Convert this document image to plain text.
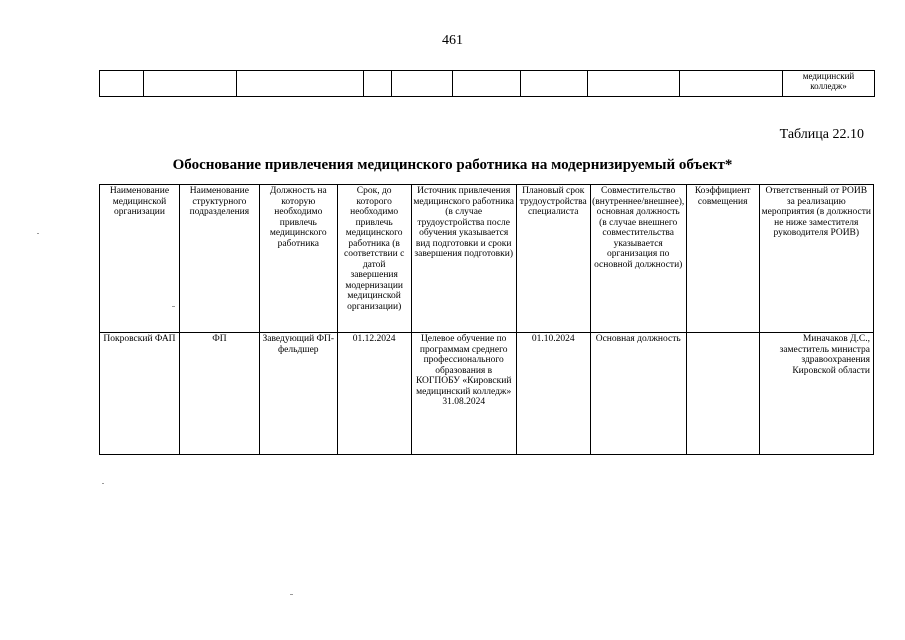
461
									медицинский колледж»
Таблица 22.10
Обоснование привлечения медицинского работника на модернизируемый объект*
Наименование медицинской организации	Наименование структурного подразделения	Должность на которую необходимо привлечь медицинского работника	Срок, до которого необходимо привлечь медицинского работника (в соответствии с датой завершения модернизации медицинской организации)	Источник привлечения медицинского работника (в случае трудоустройства после обучения указывается вид подготовки и сроки завершения подготовки)	Плановый срок трудоустройства специалиста	Совместительство (внутреннее/внешнее), основная должность (в случае внешнего совместительства указывается организация по основной должности)	Коэффициент совмещения	Ответственный от РОИВ за реализацию мероприятия (в должности не ниже заместителя руководителя РОИВ)
Покровский ФАП	ФП	Заведующий ФП-фельдшер	01.12.2024	Целевое обучение по программам среднего профессионального образования в КОГПОБУ «Кировский медицинский колледж» 31.08.2024	01.10.2024	Основная должность		Миначаков Д.С., заместитель министра здравоохранения Кировской области
